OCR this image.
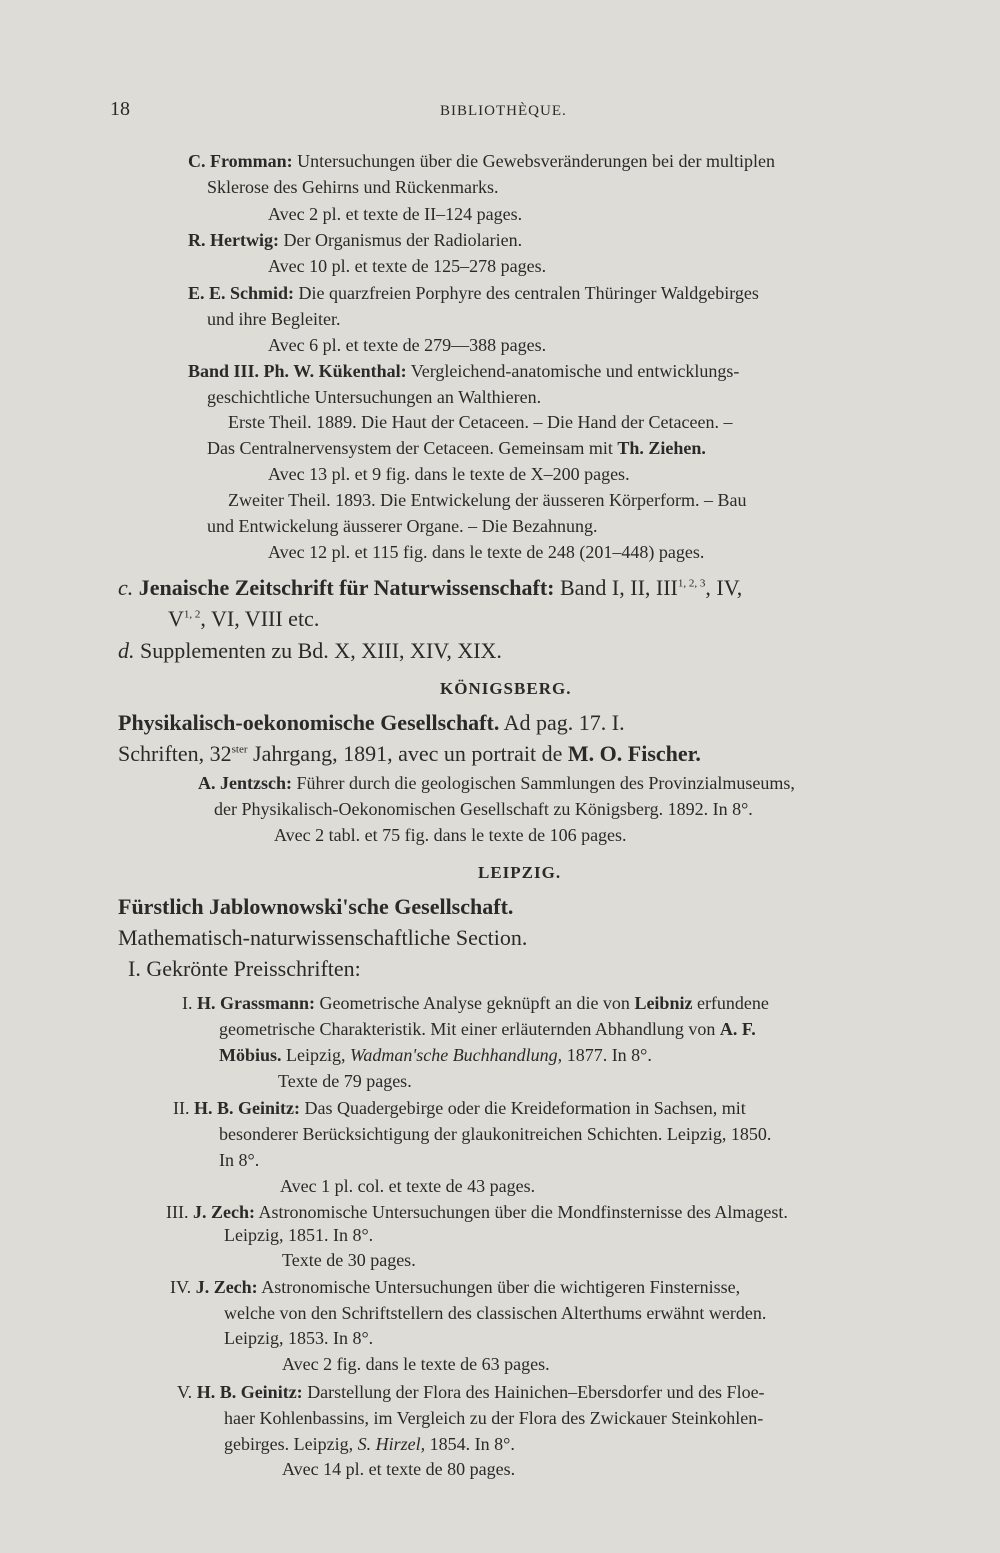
18	BIBLIOTHÈQUE.
C. Fromman: Untersuchungen über die Gewebsveränderungen bei der multiplen
Sklerose des Gehirns und Rückenmarks.
Avec 2 pl. et texte de II–124 pages.
R. Hertwig: Der Organismus der Radiolarien.
Avec 10 pl. et texte de 125–278 pages.
E. E. Schmid: Die quarzfreien Porphyre des centralen Thüringer Waldgebirges
und ihre Begleiter.
Avec 6 pl. et texte de 279—388 pages.
Band III. Ph. W. Kükenthal: Vergleichend-anatomische und entwicklungs-
geschichtliche Untersuchungen an Walthieren.
Erste Theil. 1889. Die Haut der Cetaceen. – Die Hand der Cetaceen. –
Das Centralnervensystem der Cetaceen. Gemeinsam mit Th. Ziehen.
Avec 13 pl. et 9 fig. dans le texte de X–200 pages.
Zweiter Theil. 1893. Die Entwickelung der äusseren Körperform. – Bau
und Entwickelung äusserer Organe. – Die Bezahnung.
Avec 12 pl. et 115 fig. dans le texte de 248 (201–448) pages.
c. Jenaische Zeitschrift für Naturwissenschaft: Band I, II, III$^{1, 2, 3}$, IV,
V$^{1, 2}$, VI, VIII etc.
d. Supplementen zu Bd. X, XIII, XIV, XIX.
KÖNIGSBERG.
Physikalisch-oekonomische Gesellschaft. Ad pag. 17. I.
Schriften, $32^{ster}$ Jahrgang, 1891, avec un portrait de M. O. Fischer.
A. Jentzsch: Führer durch die geologischen Sammlungen des Provinzialmuseums,
der Physikalisch-Oekonomischen Gesellschaft zu Königsberg. 1892. In 8°.
Avec 2 tabl. et 75 fig. dans le texte de 106 pages.
LEIPZIG.
Fürstlich Jablownowski'sche Gesellschaft.
Mathematisch-naturwissenschaftliche Section.
I. Gekrönte Preisschriften:
I. H. Grassmann: Geometrische Analyse geknüpft an die von Leibniz erfundene
geometrische Charakteristik. Mit einer erläuternden Abhandlung von A. F.
Möbius. Leipzig, Wadman'sche Buchhandlung, 1877. In 8°.
Texte de 79 pages.
II. H. B. Geinitz: Das Quadergebirge oder die Kreideformation in Sachsen, mit
besonderer Berücksichtigung der glaukonitreichen Schichten. Leipzig, 1850.
In 8°.
Avec 1 pl. col. et texte de 43 pages.
III. J. Zech: Astronomische Untersuchungen über die Mondfinsternisse des Almagest.
Leipzig, 1851. In 8°.
Texte de 30 pages.
IV. J. Zech: Astronomische Untersuchungen über die wichtigeren Finsternisse,
welche von den Schriftstellern des classischen Alterthums erwähnt werden.
Leipzig, 1853. In 8°.
Avec 2 fig. dans le texte de 63 pages.
V. H. B. Geinitz: Darstellung der Flora des Hainichen–Ebersdorfer und des Floe-
haer Kohlenbassins, im Vergleich zu der Flora des Zwickauer Steinkohlen-
gebirges. Leipzig, S. Hirzel, 1854. In 8°.
Avec 14 pl. et texte de 80 pages.
